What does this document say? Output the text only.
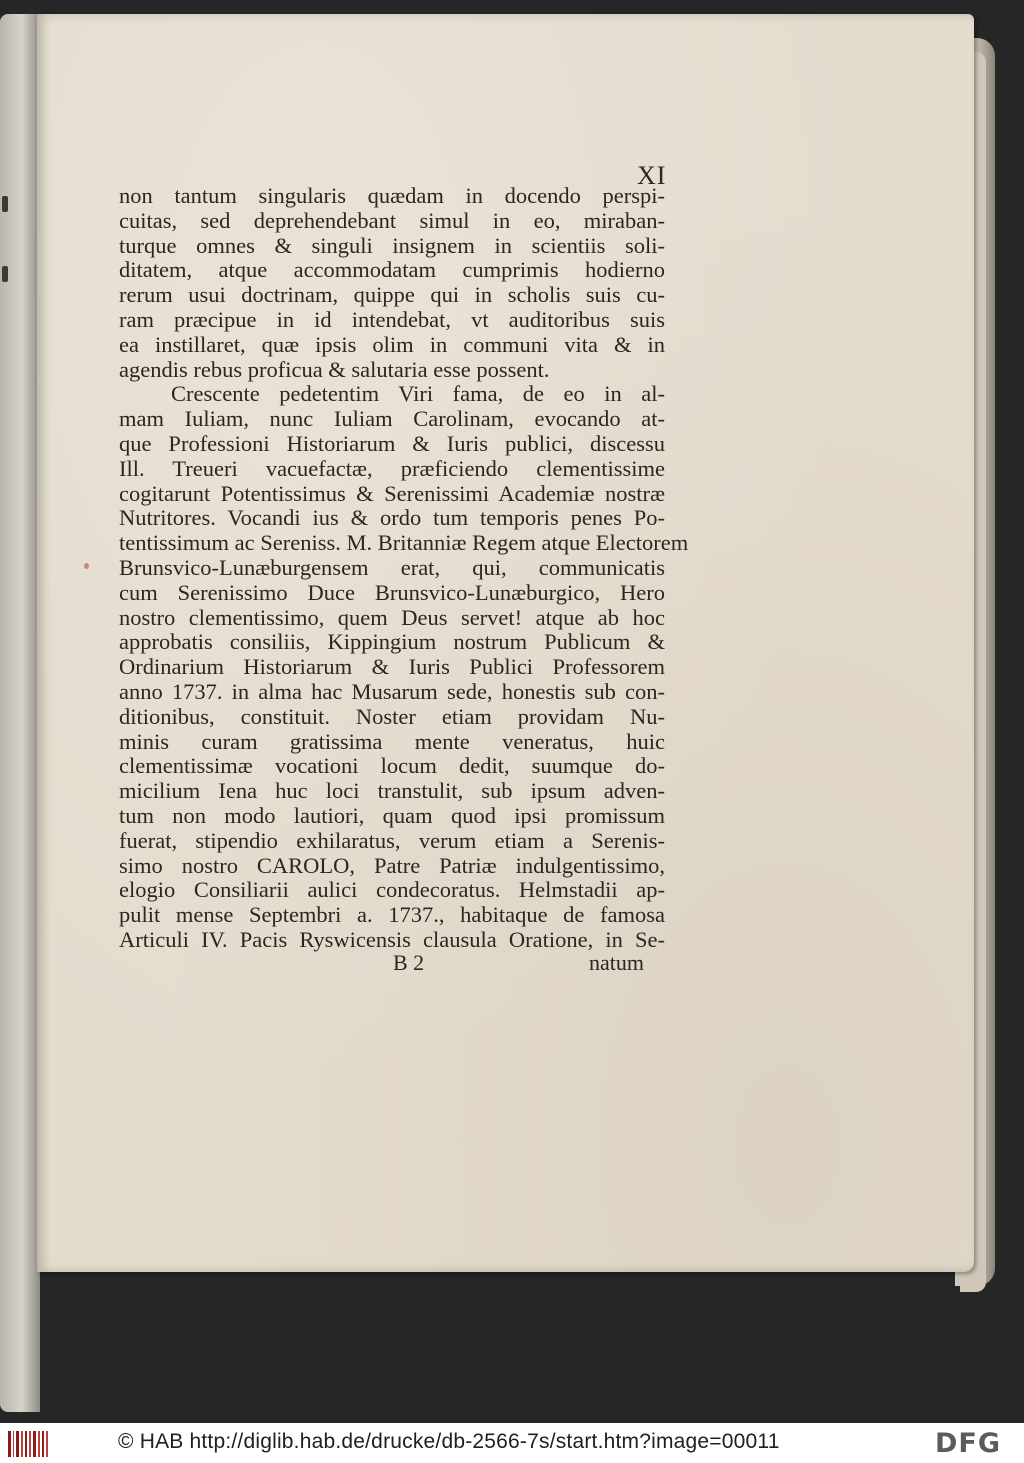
XI
non tantum singularis quædam in docendo perspi-
cuitas, sed deprehendebant simul in eo, miraban-
turque omnes & singuli insignem in scientiis soli-
ditatem, atque accommodatam cumprimis hodierno
rerum usui doctrinam, quippe qui in scholis suis cu-
ram præcipue in id intendebat, vt auditoribus suis
ea instillaret, quæ ipsis olim in communi vita & in
agendis rebus proficua & salutaria esse possent.
Crescente pedetentim Viri fama, de eo in al-
mam Iuliam, nunc Iuliam Carolinam, evocando at-
que Professioni Historiarum & Iuris publici, discessu
Ill. Treueri vacuefactæ, præficiendo clementissime
cogitarunt Potentissimus & Serenissimi Academiæ nostræ
Nutritores. Vocandi ius & ordo tum temporis penes Po-
tentissimum ac Sereniss. M. Britanniæ Regem atque Electorem
Brunsvico-Lunæburgensem erat, qui, communicatis
cum Serenissimo Duce Brunsvico-Lunæburgico, Hero
nostro clementissimo, quem Deus servet! atque ab hoc
approbatis consiliis, Kippingium nostrum Publicum &
Ordinarium Historiarum & Iuris Publici Professorem
anno 1737. in alma hac Musarum sede, honestis sub con-
ditionibus, constituit. Noster etiam providam Nu-
minis curam gratissima mente veneratus, huic
clementissimæ vocationi locum dedit, suumque do-
micilium Iena huc loci transtulit, sub ipsum adven-
tum non modo lautiori, quam quod ipsi promissum
fuerat, stipendio exhilaratus, verum etiam a Serenis-
simo nostro CAROLO, Patre Patriæ indulgentissimo,
elogio Consiliarii aulici condecoratus. Helmstadii ap-
pulit mense Septembri a. 1737., habitaque de famosa
Articuli IV. Pacis Ryswicensis clausula Oratione, in Se-
B 2	natum
© HAB http://diglib.hab.de/drucke/db-2566-7s/start.htm?image=00011	DFG
